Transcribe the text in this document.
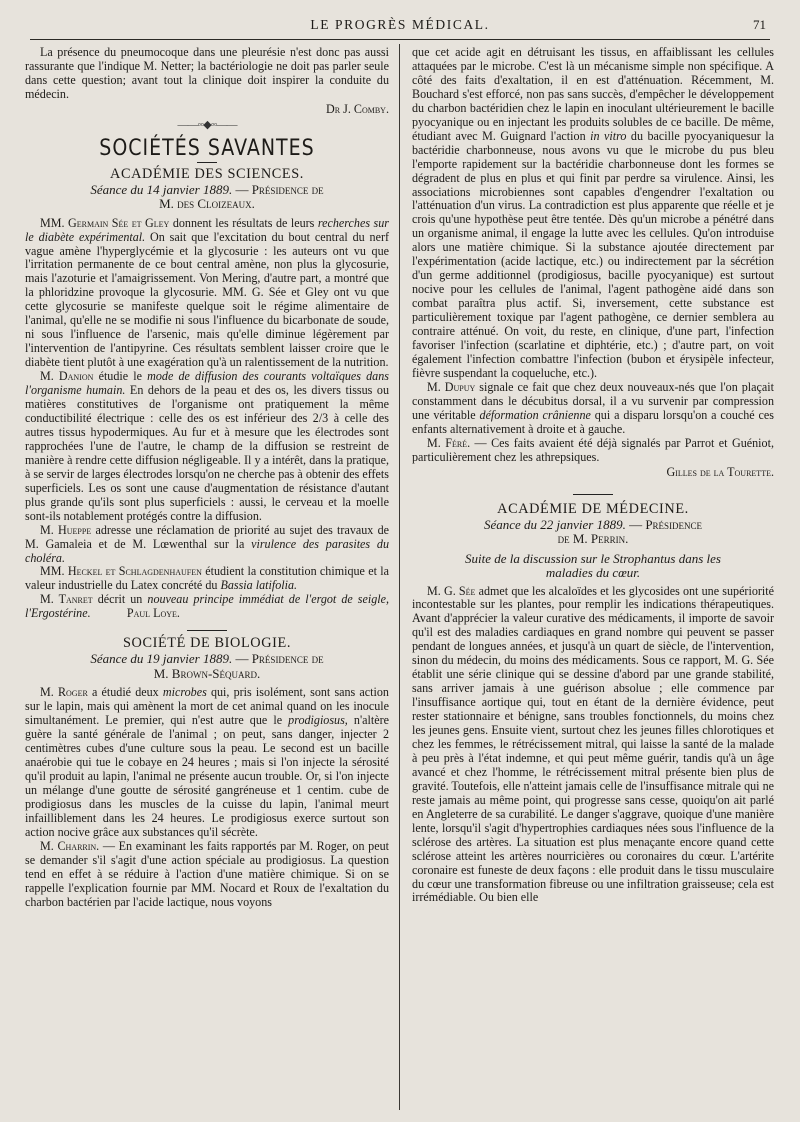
LE PROGRÈS MÉDICAL.	71

La présence du pneumocoque dans une pleurésie n'est donc pas aussi rassurante que l'indique M. Netter; la bactériologie ne doit pas parler seule dans cette question; avant tout la clinique doit inspirer la conduite du médecin.

Dr J. Comby.
——◦◦◆◦◦——
SOCIÉTÉS SAVANTES
ACADÉMIE DES SCIENCES.
Séance du 14 janvier 1889. — Présidence de
M. des Cloizeaux.

MM. Germain Sée et Gley donnent les résultats de leurs recherches sur le diabète expérimental. On sait que l'excitation du bout central du nerf vague amène l'hyperglycémie et la glycosurie : les auteurs ont vu que l'irritation permanente de ce bout central amène, non plus la glycosurie, mais l'azoturie et l'amaigrissement. Von Mering, d'autre part, a montré que la phloridzine provoque la glycosurie. MM. G. Sée et Gley ont vu que cette glycosurie se manifeste quelque soit le régime alimentaire de l'animal, qu'elle ne se modifie ni sous l'influence du bicarbonate de soude, ni sous l'influence de l'arsenic, mais qu'elle diminue légèrement par l'intervention de l'antipyrine. Ces résultats semblent laisser croire que le diabète tient plutôt à une exagération qu'à un ralentissement de la nutrition.

M. Danion étudie le mode de diffusion des courants voltaïques dans l'organisme humain. En dehors de la peau et des os, les divers tissus ou matières constitutives de l'organisme ont pratiquement la même conductibilité électrique : celle des os est inférieur des 2/3 à celle des autres tissus hypodermiques. Au fur et à mesure que les électrodes sont rapprochées l'une de l'autre, le champ de la diffusion se restreint de manière à rendre cette diffusion négligeable. Il y a intérêt, dans la pratique, à se servir de larges électrodes lorsqu'on ne cherche pas à obtenir des effets superficiels. Les os sont une cause d'augmentation de résistance d'autant plus grande qu'ils sont plus superficiels : aussi, le cerveau et la moelle sont-ils notablement protégés contre la diffusion.

M. Hueppe adresse une réclamation de priorité au sujet des travaux de M. Gamaleia et de M. Lœwenthal sur la virulence des parasites du choléra.

MM. Heckel et Schlagdenhaufen étudient la constitution chimique et la valeur industrielle du Latex concrété du Bassia latifolia.

M. Tanret décrit un nouveau principe immédiat de l'ergot de seigle, l'Ergostérine.	Paul Loye.

SOCIÉTÉ DE BIOLOGIE.
Séance du 19 janvier 1889. — Présidence de
M. Brown-Séquard.

M. Roger a étudié deux microbes qui, pris isolément, sont sans action sur le lapin, mais qui amènent la mort de cet animal quand on les inocule simultanément. Le premier, qui n'est autre que le prodigiosus, n'altère guère la santé générale de l'animal ; on peut, sans danger, injecter 2 centimètres cubes d'une culture sous la peau. Le second est un bacille anaérobie qui tue le cobaye en 24 heures ; mais si l'on injecte la sérosité qu'il produit au lapin, l'animal ne présente aucun trouble. Or, si l'on injecte un mélange d'une goutte de sérosité gangréneuse et 1 centim. cube de prodigiosus dans les muscles de la cuisse du lapin, l'animal meurt infailliblement dans les 24 heures. Le prodigiosus exerce surtout son action nocive grâce aux substances qu'il sécrète.

M. Charrin. — En examinant les faits rapportés par M. Roger, on peut se demander s'il s'agit d'une action spéciale au prodigiosus. La question tend en effet à se réduire à l'action d'une matière chimique. Si on se rappelle l'explication fournie par MM. Nocard et Roux de l'exaltation du charbon bactérien par l'acide lactique, nous voyons

que cet acide agit en détruisant les tissus, en affaiblissant les cellules attaquées par le microbe. C'est là un mécanisme simple non spécifique. A côté des faits d'exaltation, il en est d'atténuation. Récemment, M. Bouchard s'est efforcé, non pas sans succès, d'empêcher le développement du charbon bactéridien chez le lapin en inoculant ultérieurement le bacille pyocyanique ou en injectant les produits solubles de ce bacille. De même, étudiant avec M. Guignard l'action in vitro du bacille pyocyaniquesur la bactéridie charbonneuse, nous avons vu que le microbe du pus bleu l'emporte rapidement sur la bactéridie charbonneuse dont les formes se dégradent de plus en plus et qui finit par perdre sa virulence. Ainsi, les associations microbiennes sont capables d'engendrer l'exaltation ou l'atténuation d'un virus. La contradiction est plus apparente que réelle et je crois qu'une hypothèse peut être tentée. Dès qu'un microbe a pénétré dans un organisme animal, il engage la lutte avec les cellules. Qu'on introduise alors une matière chimique. Si la substance ajoutée directement par l'expérimentation (acide lactique, etc.) ou indirectement par la sécrétion d'un germe additionnel (prodigiosus, bacille pyocyanique) est surtout nocive pour les cellules de l'animal, l'agent pathogène aidé dans son combat paraîtra plus actif. Si, inversement, cette substance est particulièrement toxique par l'agent pathogène, ce dernier semblera au contraire atténué. On voit, du reste, en clinique, d'une part, l'infection favoriser l'infection (scarlatine et diphtérie, etc.) ; d'autre part, on voit également l'infection combattre l'infection (bubon et érysipèle infecteur, fièvre suspendant la coqueluche, etc.).

M. Dupuy signale ce fait que chez deux nouveaux-nés que l'on plaçait constamment dans le décubitus dorsal, il a vu survenir par compression une véritable déformation crânienne qui a disparu lorsqu'on a couché ces enfants alternativement à droite et à gauche.

M. Féré. — Ces faits avaient été déjà signalés par Parrot et Guéniot, particulièrement chez les athrepsiques.

Gilles de la Tourette.
ACADÉMIE DE MÉDECINE.
Séance du 22 janvier 1889. — Présidence
de M. Perrin.
Suite de la discussion sur le Strophantus dans les
maladies du cœur.

M. G. Sée admet que les alcaloïdes et les glycosides ont une supériorité incontestable sur les plantes, pour remplir les indications thérapeutiques. Avant d'apprécier la valeur curative des médicaments, il importe de savoir qu'il est des maladies cardiaques en grand nombre qui peuvent se passer pendant de longues années, et jusqu'à un quart de siècle, de l'intervention, sinon du médecin, du moins des médicaments. Sous ce rapport, M. G. Sée établit une série clinique qui se dessine d'abord par une grande stabilité, sans arriver jamais à une guérison absolue ; elle commence par l'insuffisance aortique qui, tout en étant de la dernière évidence, peut rester stationnaire et bénigne, sans troubles fonctionnels, du moins chez les jeunes gens. Ensuite vient, surtout chez les jeunes filles chlorotiques et chez les femmes, le rétrécissement mitral, qui laisse la santé de la malade à peu près à l'état indemne, et qui peut même guérir, tandis qu'à un âge avancé et chez l'homme, le rétrécissement mitral présente bien plus de gravité. Toutefois, elle n'atteint jamais celle de l'insuffisance mitrale qui ne reste jamais au même point, qui progresse sans cesse, quoiqu'on ait parlé en Angleterre de sa curabilité. Le danger s'aggrave, quoique d'une manière lente, lorsqu'il s'agit d'hypertrophies cardiaques nées sous l'influence de la sclérose des artères. La situation est plus menaçante encore quand cette sclérose atteint les artères nourricières ou coronaires du cœur. L'artérite coronaire est funeste de deux façons : elle produit dans le tissu musculaire du cœur une transformation fibreuse ou une infiltration graisseuse; cela est irrémédiable. Ou bien elle
